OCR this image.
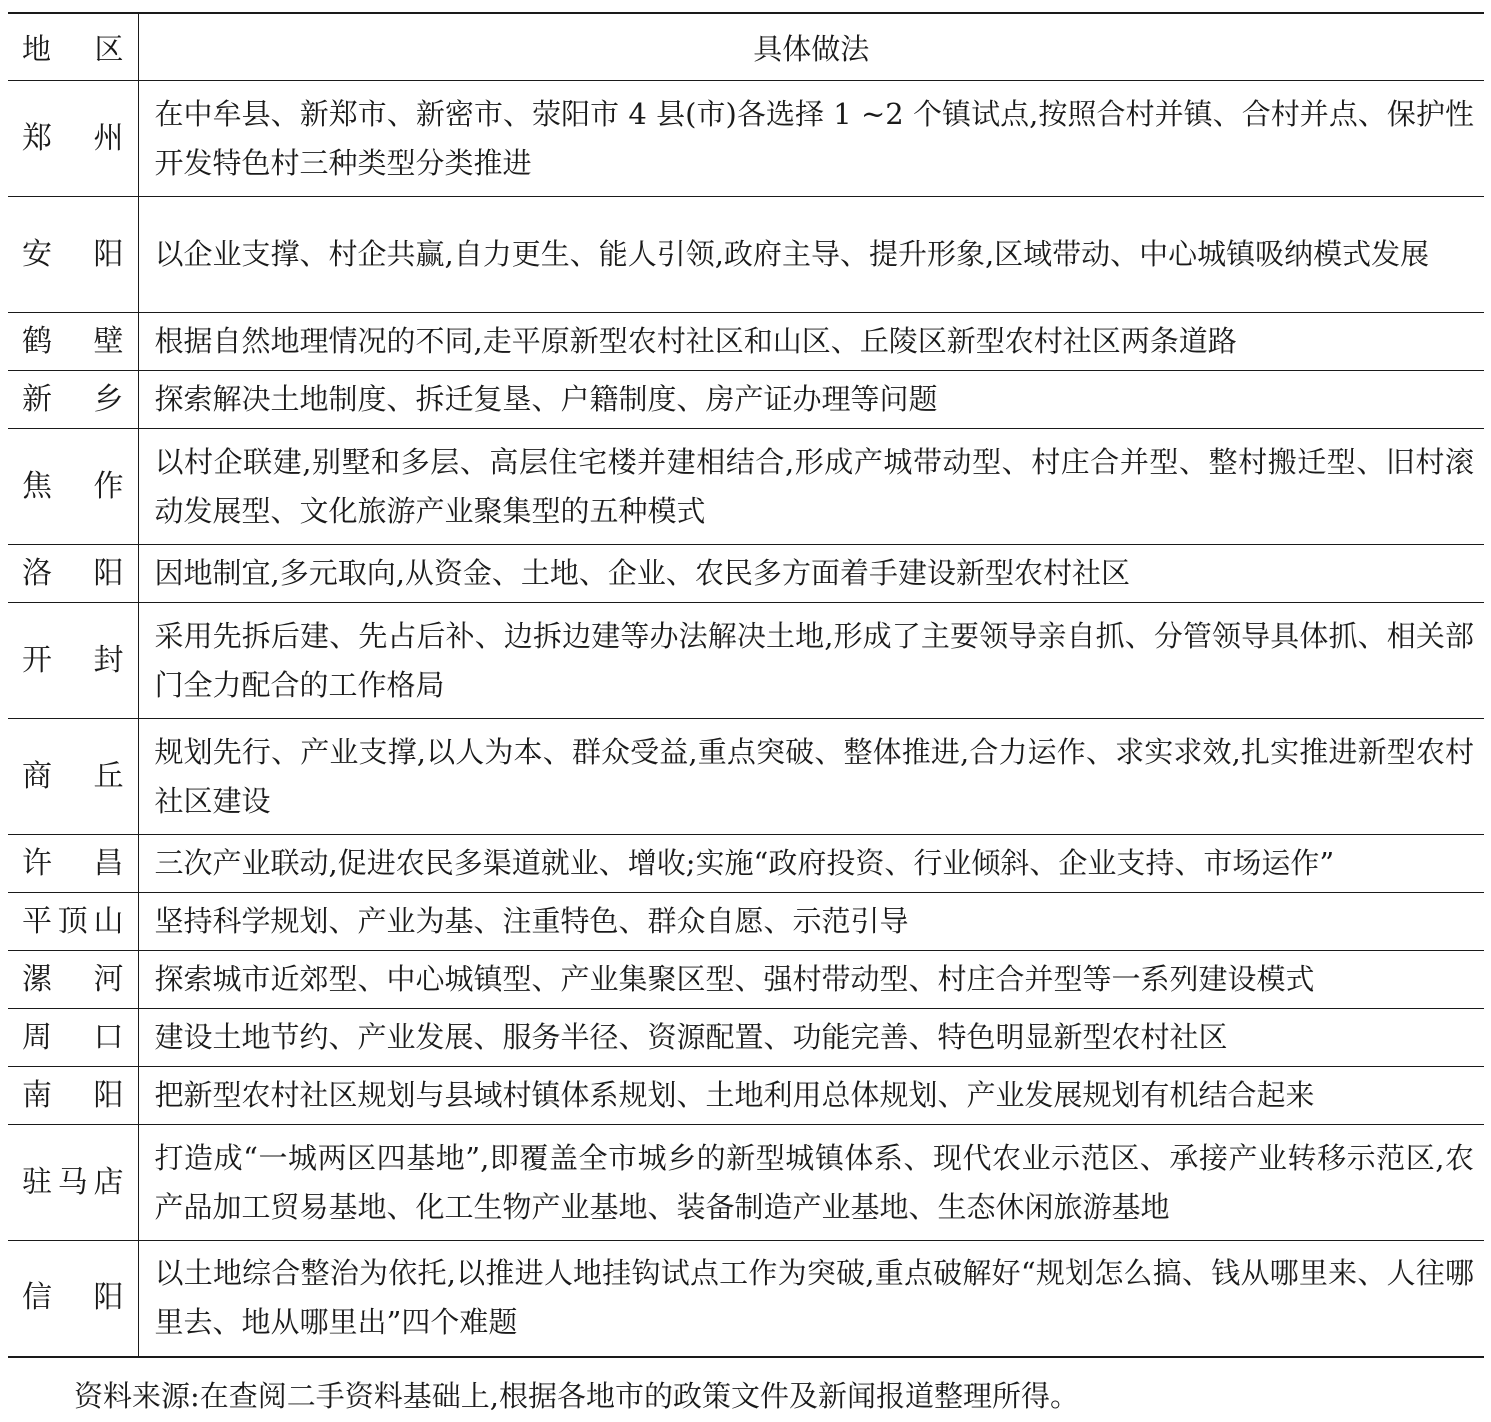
地 区	具体做法
郑 州	在中牟县、新郑市、新密市、荥阳市 4 县(市)各选择 1 ~2 个镇试点,按照合村并镇、合村并点、保护性开发特色村三种类型分类推进
安 阳	以企业支撑、村企共赢,自力更生、能人引领,政府主导、提升形象,区域带动、中心城镇吸纳模式发展
鹤 壁	根据自然地理情况的不同,走平原新型农村社区和山区、丘陵区新型农村社区两条道路
新 乡	探索解决土地制度、拆迁复垦、户籍制度、房产证办理等问题
焦 作	以村企联建,别墅和多层、高层住宅楼并建相结合,形成产城带动型、村庄合并型、整村搬迁型、旧村滚动发展型、文化旅游产业聚集型的五种模式
洛 阳	因地制宜,多元取向,从资金、土地、企业、农民多方面着手建设新型农村社区
开 封	采用先拆后建、先占后补、边拆边建等办法解决土地,形成了主要领导亲自抓、分管领导具体抓、相关部门全力配合的工作格局
商 丘	规划先行、产业支撑,以人为本、群众受益,重点突破、整体推进,合力运作、求实求效,扎实推进新型农村社区建设
许 昌	三次产业联动,促进农民多渠道就业、增收;实施“政府投资、行业倾斜、企业支持、市场运作”
平顶山	坚持科学规划、产业为基、注重特色、群众自愿、示范引导
漯 河	探索城市近郊型、中心城镇型、产业集聚区型、强村带动型、村庄合并型等一系列建设模式
周 口	建设土地节约、产业发展、服务半径、资源配置、功能完善、特色明显新型农村社区
南 阳	把新型农村社区规划与县域村镇体系规划、土地利用总体规划、产业发展规划有机结合起来
驻马店	打造成“一城两区四基地”,即覆盖全市城乡的新型城镇体系、现代农业示范区、承接产业转移示范区,农产品加工贸易基地、化工生物产业基地、装备制造产业基地、生态休闲旅游基地
信 阳	以土地综合整治为依托,以推进人地挂钩试点工作为突破,重点破解好“规划怎么搞、钱从哪里来、人往哪里去、地从哪里出”四个难题
资料来源:在查阅二手资料基础上,根据各地市的政策文件及新闻报道整理所得。
